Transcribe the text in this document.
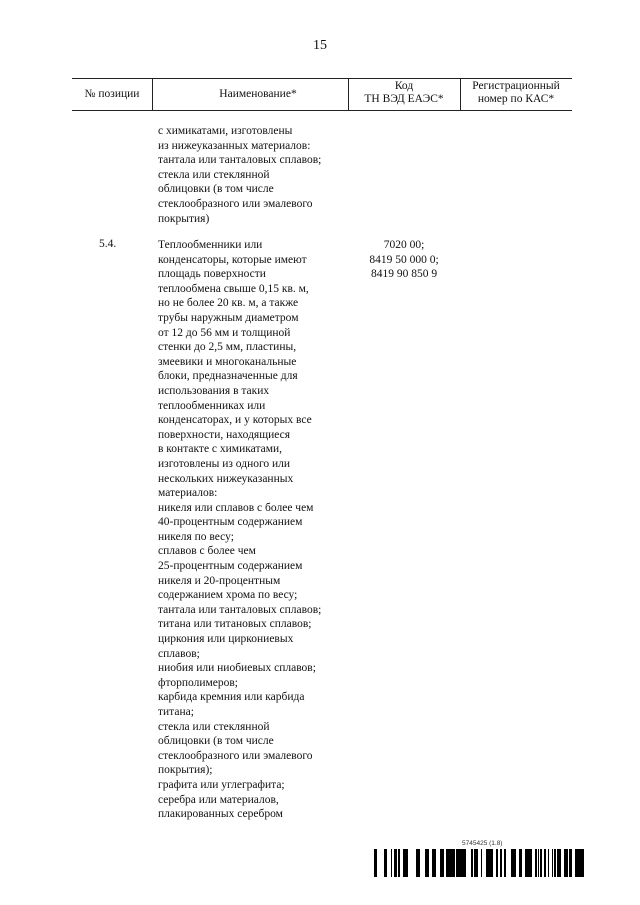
15
№ позиции	Наименование*
Код
ТН ВЭД ЕАЭС*
Регистрационный
номер по КАС*
с химикатами, изготовлены
из нижеуказанных материалов:
тантала или танталовых сплавов;
стекла или стеклянной
облицовки (в том числе
стеклообразного или эмалевого
покрытия)
5.4.	Теплообменники или
конденсаторы, которые имеют
площадь поверхности
теплообмена свыше 0,15 кв. м,
но не более 20 кв. м, а также
трубы наружным диаметром
от 12 до 56 мм и толщиной
стенки до 2,5 мм, пластины,
змеевики и многоканальные
блоки, предназначенные для
использования в таких
теплообменниках или
конденсаторах, и у которых все
поверхности, находящиеся
в контакте с химикатами,
изготовлены из одного или
нескольких нижеуказанных
материалов:
никеля или сплавов с более чем
40-процентным содержанием
никеля по весу;
сплавов с более чем
25-процентным содержанием
никеля и 20-процентным
содержанием хрома по весу;
тантала или танталовых сплавов;
титана или титановых сплавов;
циркония или циркониевых
сплавов;
ниобия или ниобиевых сплавов;
фторполимеров;
карбида кремния или карбида
титана;
стекла или стеклянной
облицовки (в том числе
стеклообразного или эмалевого
покрытия);
графита или углеграфита;
серебра или материалов,
плакированных серебром
7020 00;
8419 50 000 0;
8419 90 850 9
5745425 (1.8)
